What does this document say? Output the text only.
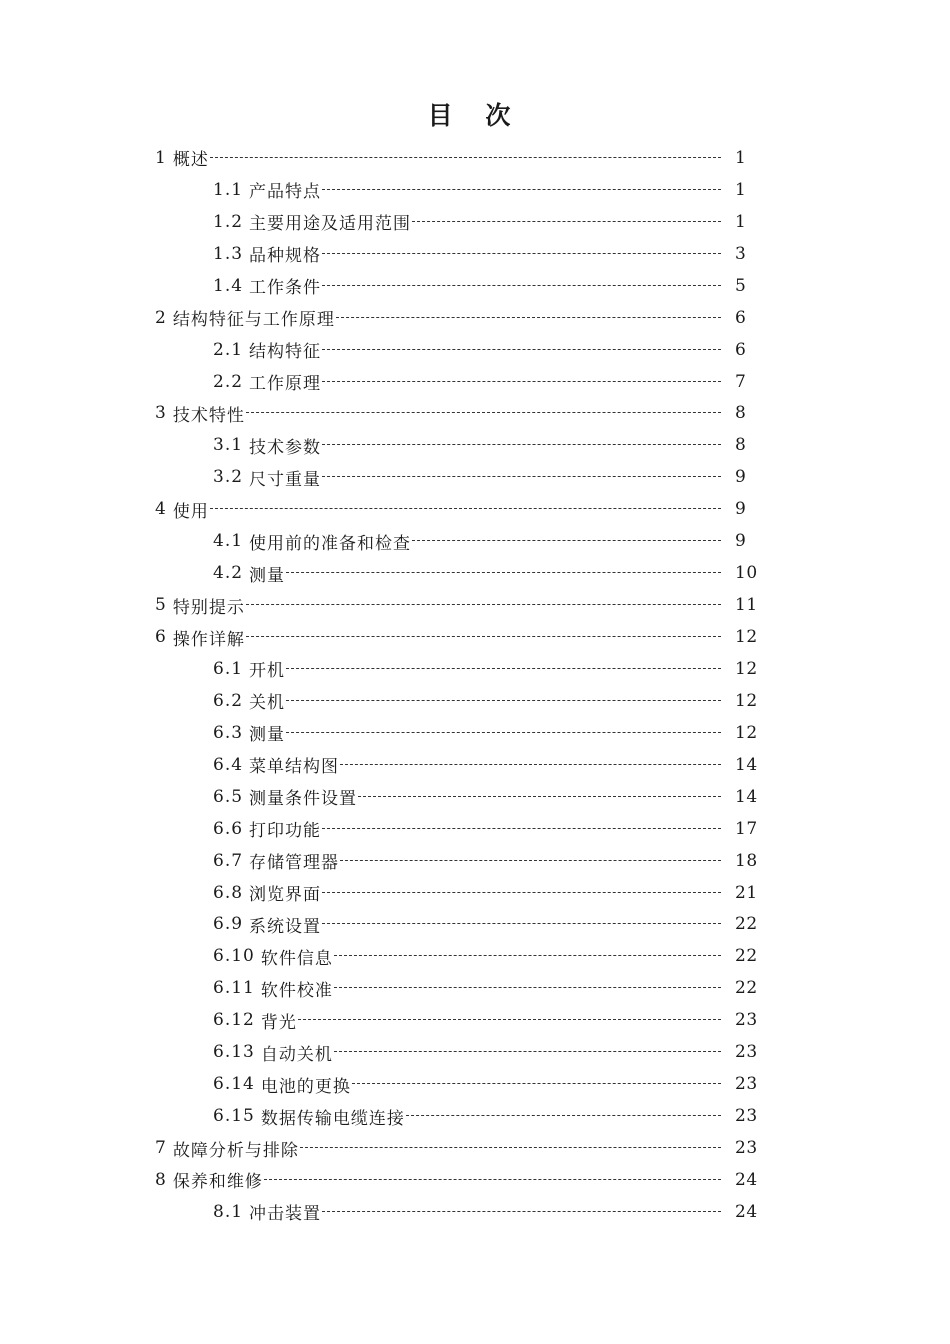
目 次
1 概述	1
1.1 产品特点	1
1.2 主要用途及适用范围	1
1.3 品种规格	3
1.4 工作条件	5
2 结构特征与工作原理	6
2.1 结构特征	6
2.2 工作原理	7
3 技术特性	8
3.1 技术参数	8
3.2 尺寸重量	9
4 使用	9
4.1 使用前的准备和检查	9
4.2 测量	10
5 特别提示	11
6 操作详解	12
6.1 开机	12
6.2 关机	12
6.3 测量	12
6.4 菜单结构图	14
6.5 测量条件设置	14
6.6 打印功能	17
6.7 存储管理器	18
6.8 浏览界面	21
6.9 系统设置	22
6.10 软件信息	22
6.11 软件校准	22
6.12 背光	23
6.13 自动关机	23
6.14 电池的更换	23
6.15 数据传输电缆连接	23
7 故障分析与排除	23
8 保养和维修	24
8.1 冲击装置	24
